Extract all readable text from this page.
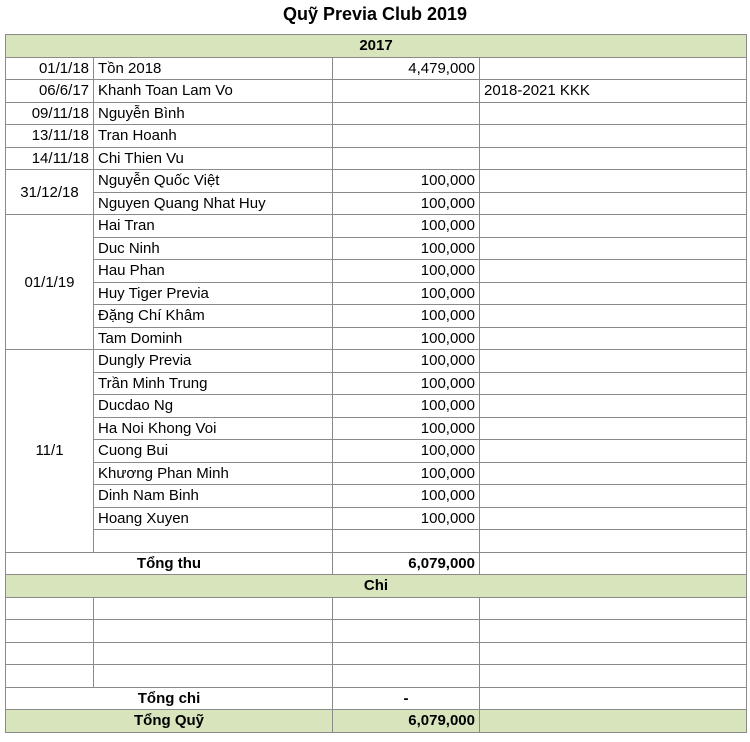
Quỹ Previa Club 2019
2017			
01/1/18	Tồn 2018	4,479,000	
06/6/17	Khanh Toan Lam Vo		2018-2021 KKK
09/11/18	Nguyễn Bình		
13/11/18	Tran Hoanh		
14/11/18	Chi Thien Vu		
31/12/18	Nguyễn Quốc Việt	100,000	
	Nguyen Quang Nhat Huy	100,000	
01/1/19	Hai Tran	100,000	
	Duc Ninh	100,000	
	Hau Phan	100,000	
	Huy Tiger Previa	100,000	
	Đặng Chí Khâm	100,000	
	Tam Dominh	100,000	
11/1	Dungly Previa	100,000	
	Trần Minh Trung	100,000	
	Ducdao Ng	100,000	
	Ha Noi Khong Voi	100,000	
	Cuong Bui	100,000	
	Khương Phan Minh	100,000	
	Dinh Nam Binh	100,000	
	Hoang Xuyen	100,000	

Tổng thu		6,079,000	
Chi			

Tổng chi		-	
Tổng Quỹ		6,079,000	
